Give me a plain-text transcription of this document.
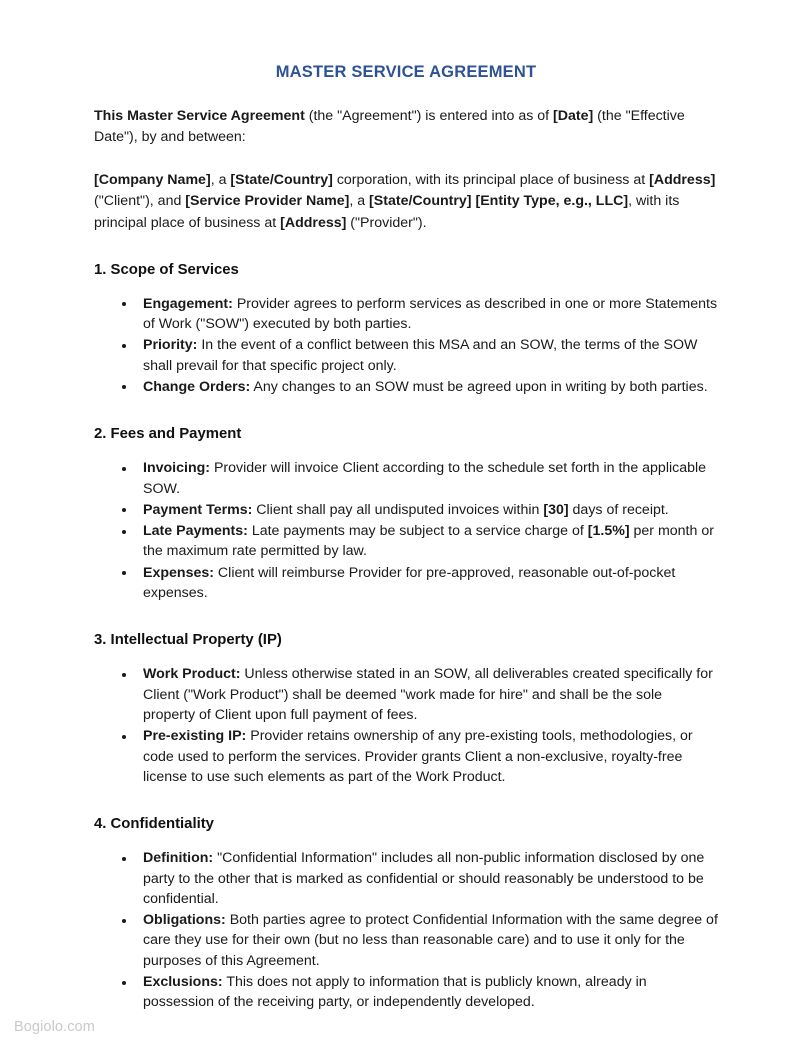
MASTER SERVICE AGREEMENT

This Master Service Agreement (the "Agreement") is entered into as of [Date] (the "Effective Date"), by and between:

[Company Name], a [State/Country] corporation, with its principal place of business at [Address] ("Client"), and [Service Provider Name], a [State/Country] [Entity Type, e.g., LLC], with its principal place of business at [Address] ("Provider").

1. Scope of Services
Engagement: Provider agrees to perform services as described in one or more Statements of Work ("SOW") executed by both parties.
Priority: In the event of a conflict between this MSA and an SOW, the terms of the SOW shall prevail for that specific project only.
Change Orders: Any changes to an SOW must be agreed upon in writing by both parties.
2. Fees and Payment
Invoicing: Provider will invoice Client according to the schedule set forth in the applicable SOW.
Payment Terms: Client shall pay all undisputed invoices within [30] days of receipt.
Late Payments: Late payments may be subject to a service charge of [1.5%] per month or the maximum rate permitted by law.
Expenses: Client will reimburse Provider for pre-approved, reasonable out-of-pocket expenses.
3. Intellectual Property (IP)
Work Product: Unless otherwise stated in an SOW, all deliverables created specifically for Client ("Work Product") shall be deemed "work made for hire" and shall be the sole property of Client upon full payment of fees.
Pre-existing IP: Provider retains ownership of any pre-existing tools, methodologies, or code used to perform the services. Provider grants Client a non-exclusive, royalty-free license to use such elements as part of the Work Product.
4. Confidentiality
Definition: "Confidential Information" includes all non-public information disclosed by one party to the other that is marked as confidential or should reasonably be understood to be confidential.
Obligations: Both parties agree to protect Confidential Information with the same degree of care they use for their own (but no less than reasonable care) and to use it only for the purposes of this Agreement.
Exclusions: This does not apply to information that is publicly known, already in possession of the receiving party, or independently developed.
Bogiolo.com
